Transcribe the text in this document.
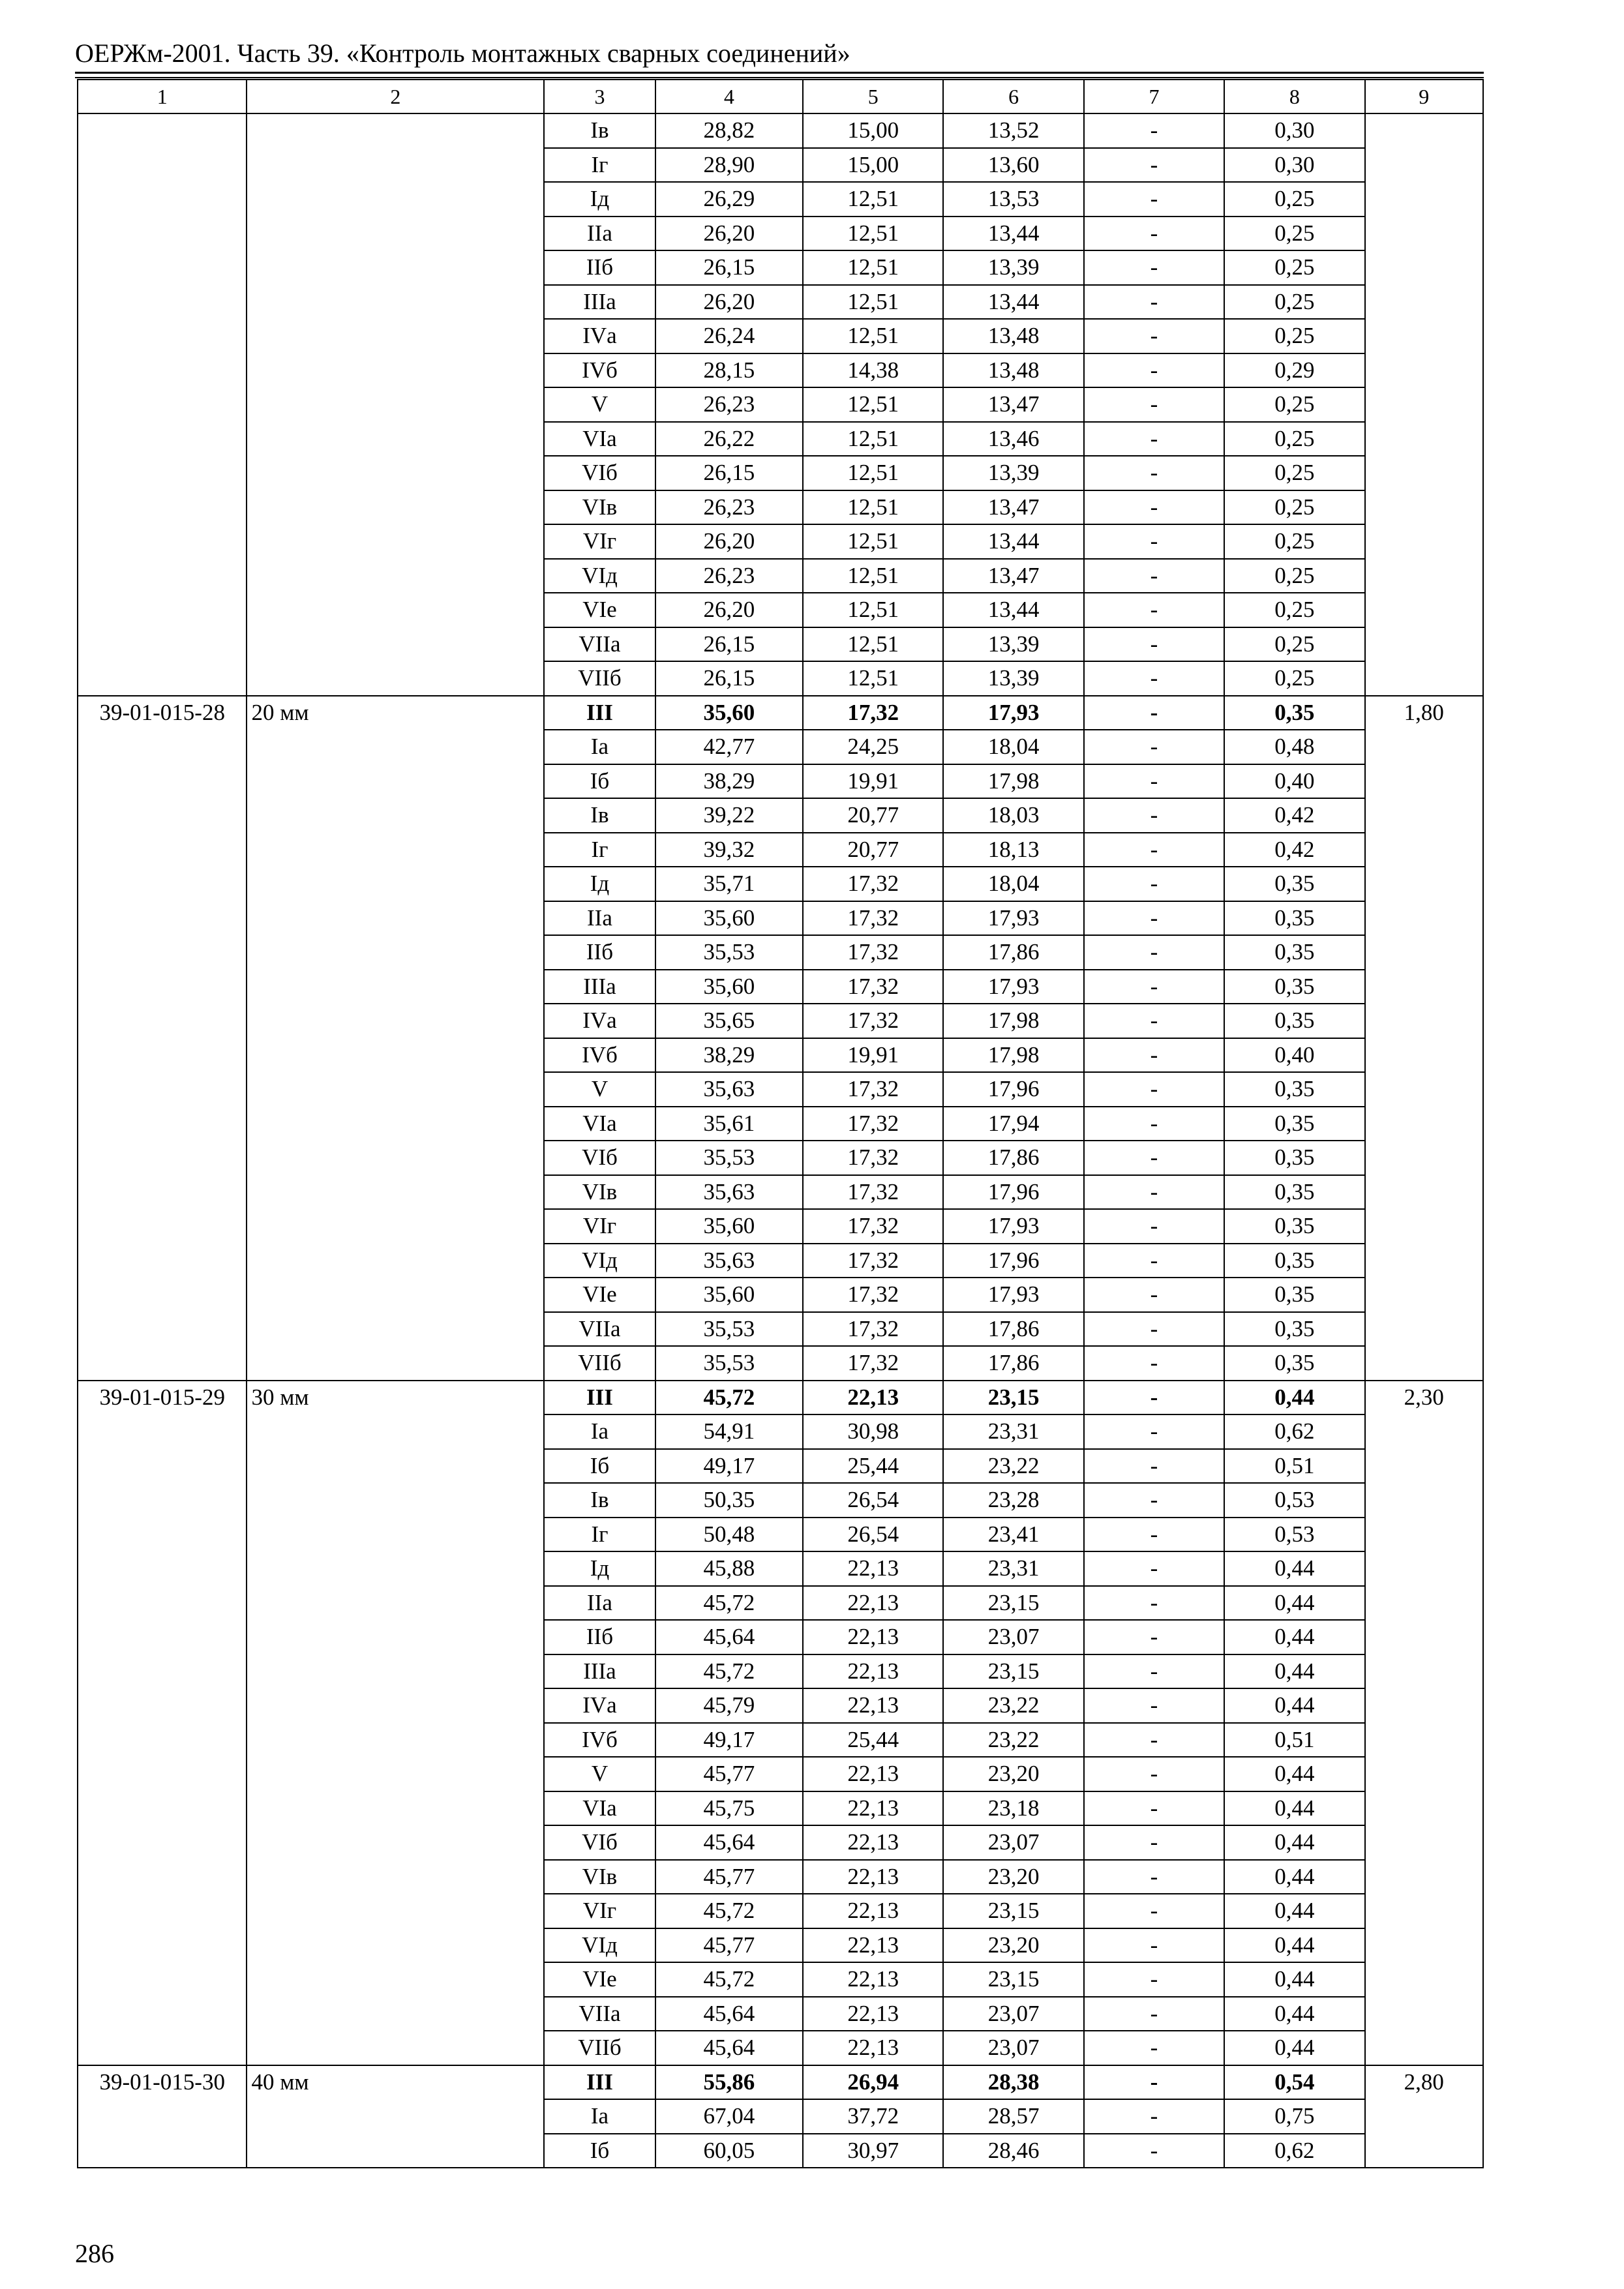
ОЕРЖм-2001. Часть 39. «Контроль монтажных сварных соединений»
1	2	3	4	5	6	7	8	9
		Iв	28,82	15,00	13,52	-	0,30	
		Iг	28,90	15,00	13,60	-	0,30	
		Iд	26,29	12,51	13,53	-	0,25	
		IIа	26,20	12,51	13,44	-	0,25	
		IIб	26,15	12,51	13,39	-	0,25	
		IIIа	26,20	12,51	13,44	-	0,25	
		IVа	26,24	12,51	13,48	-	0,25	
		IVб	28,15	14,38	13,48	-	0,29	
		V	26,23	12,51	13,47	-	0,25	
		VIа	26,22	12,51	13,46	-	0,25	
		VIб	26,15	12,51	13,39	-	0,25	
		VIв	26,23	12,51	13,47	-	0,25	
		VIг	26,20	12,51	13,44	-	0,25	
		VIд	26,23	12,51	13,47	-	0,25	
		VIе	26,20	12,51	13,44	-	0,25	
		VIIа	26,15	12,51	13,39	-	0,25	
		VIIб	26,15	12,51	13,39	-	0,25	
39-01-015-28	20 мм	III	35,60	17,32	17,93	-	0,35	1,80
		Iа	42,77	24,25	18,04	-	0,48	
		Iб	38,29	19,91	17,98	-	0,40	
		Iв	39,22	20,77	18,03	-	0,42	
		Iг	39,32	20,77	18,13	-	0,42	
		Iд	35,71	17,32	18,04	-	0,35	
		IIа	35,60	17,32	17,93	-	0,35	
		IIб	35,53	17,32	17,86	-	0,35	
		IIIа	35,60	17,32	17,93	-	0,35	
		IVа	35,65	17,32	17,98	-	0,35	
		IVб	38,29	19,91	17,98	-	0,40	
		V	35,63	17,32	17,96	-	0,35	
		VIа	35,61	17,32	17,94	-	0,35	
		VIб	35,53	17,32	17,86	-	0,35	
		VIв	35,63	17,32	17,96	-	0,35	
		VIг	35,60	17,32	17,93	-	0,35	
		VIд	35,63	17,32	17,96	-	0,35	
		VIе	35,60	17,32	17,93	-	0,35	
		VIIа	35,53	17,32	17,86	-	0,35	
		VIIб	35,53	17,32	17,86	-	0,35	
39-01-015-29	30 мм	III	45,72	22,13	23,15	-	0,44	2,30
		Iа	54,91	30,98	23,31	-	0,62	
		Iб	49,17	25,44	23,22	-	0,51	
		Iв	50,35	26,54	23,28	-	0,53	
		Iг	50,48	26,54	23,41	-	0,53	
		Iд	45,88	22,13	23,31	-	0,44	
		IIа	45,72	22,13	23,15	-	0,44	
		IIб	45,64	22,13	23,07	-	0,44	
		IIIа	45,72	22,13	23,15	-	0,44	
		IVа	45,79	22,13	23,22	-	0,44	
		IVб	49,17	25,44	23,22	-	0,51	
		V	45,77	22,13	23,20	-	0,44	
		VIа	45,75	22,13	23,18	-	0,44	
		VIб	45,64	22,13	23,07	-	0,44	
		VIв	45,77	22,13	23,20	-	0,44	
		VIг	45,72	22,13	23,15	-	0,44	
		VIд	45,77	22,13	23,20	-	0,44	
		VIе	45,72	22,13	23,15	-	0,44	
		VIIа	45,64	22,13	23,07	-	0,44	
		VIIб	45,64	22,13	23,07	-	0,44	
39-01-015-30	40 мм	III	55,86	26,94	28,38	-	0,54	2,80
		Iа	67,04	37,72	28,57	-	0,75	
		Iб	60,05	30,97	28,46	-	0,62	
286
